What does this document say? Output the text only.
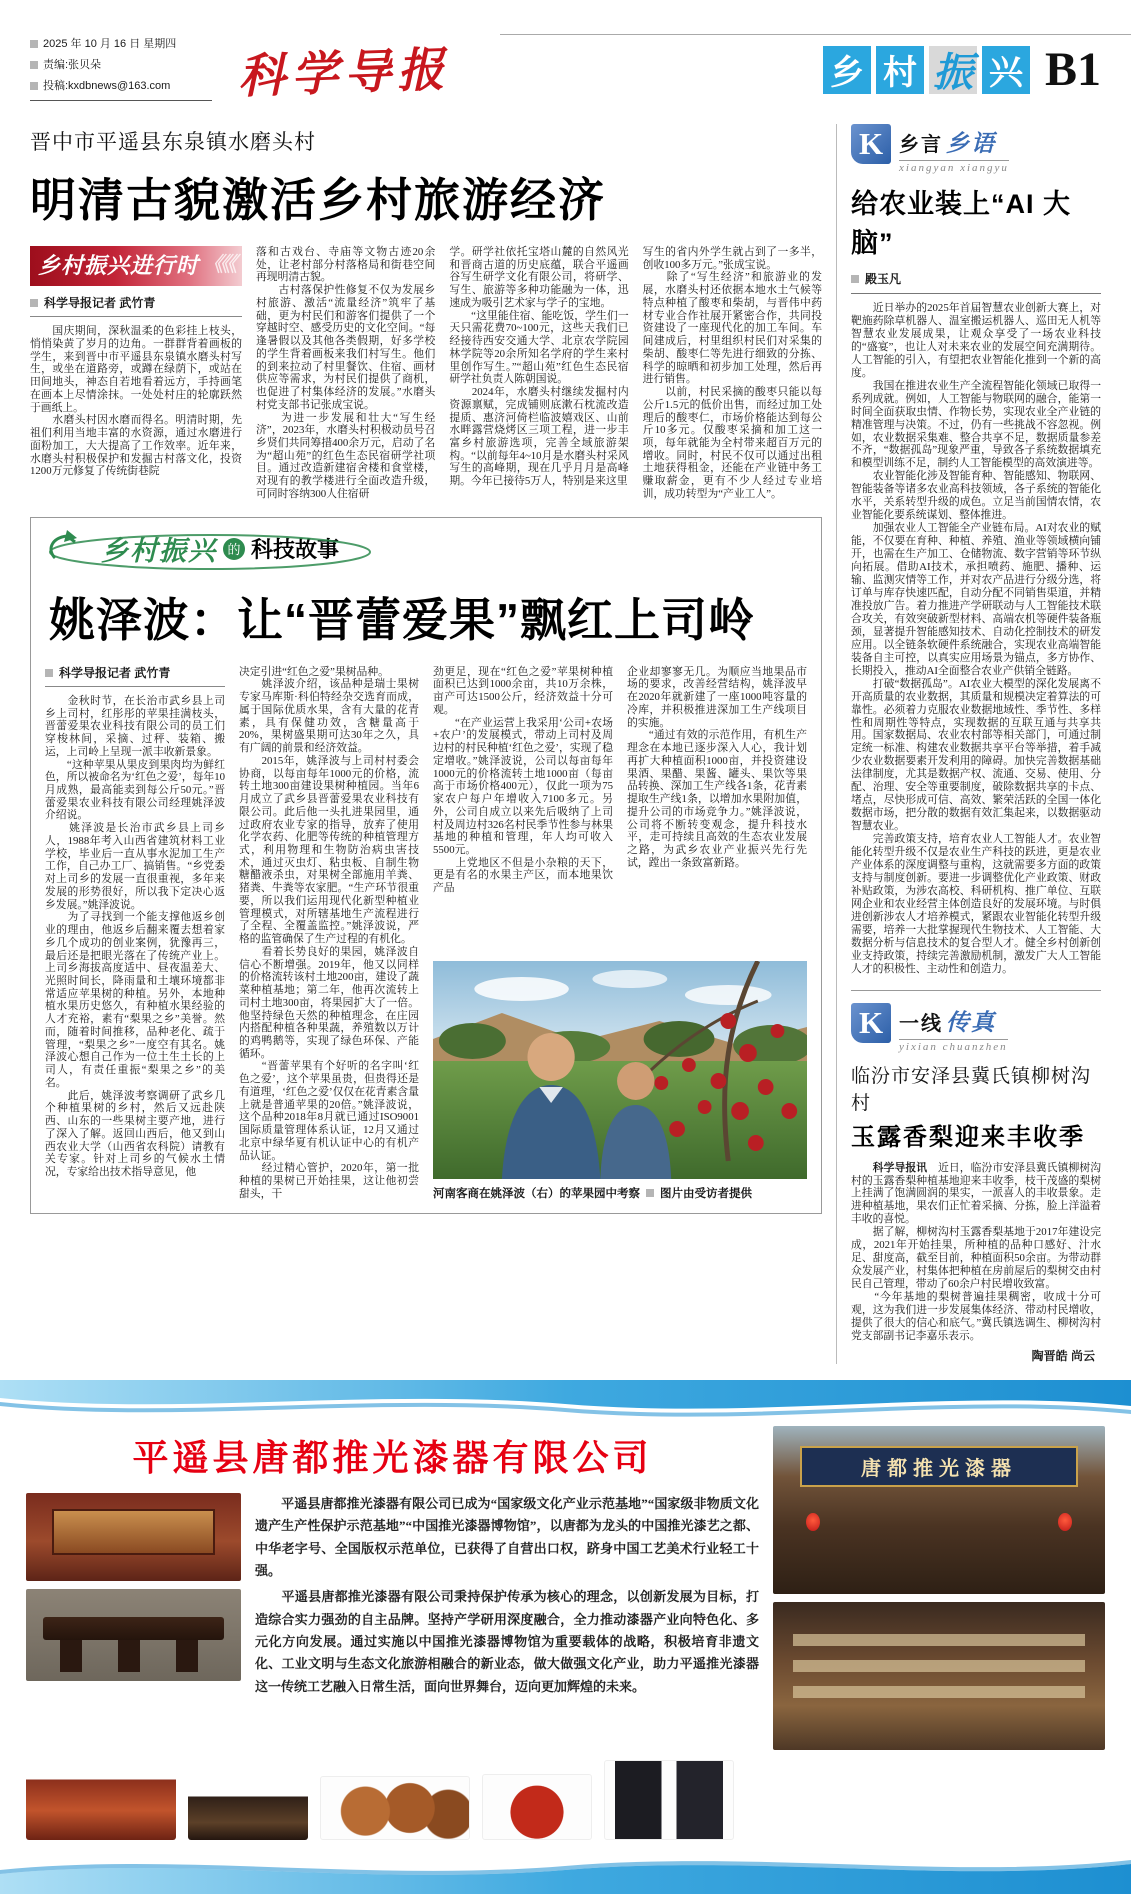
2025 年 10 月 16 日 星期四
责编:张贝朵
投稿:kxdbnews@163.com 科学导报	乡 村 振 兴 B1
晋中市平遥县东泉镇水磨头村
明清古貌激活乡村旅游经济
乡村振兴进行时 《《《
科学导报记者 武竹青

　　国庆期间，深秋温柔的色彩挂上枝头，悄悄染黄了岁月的边角。一群群背着画板的学生，来到晋中市平遥县东泉镇水磨头村写生，或坐在道路旁，或蹲在绿荫下，或站在田间地头，神态自若地看着远方，手持画笔在画本上尽情涂抹。一处处村庄的轮廓跃然于画纸上。

　　水磨头村因水磨而得名。明清时期，先祖们利用当地丰富的水资源，通过水磨进行面粉加工，大大提高了工作效率。近年来，水磨头村积极保护和发掘古村落文化，投资1200万元修复了传统街巷院

落和古戏台、寺庙等文物古迹20余处，让老村部分村落格局和街巷空间再现明清古貌。

　　古村落保护性修复不仅为发展乡村旅游、激活“流量经济”筑牢了基础，更为村民们和游客们提供了一个穿越时空、感受历史的文化空间。“每逢暑假以及其他各类假期，好多学校的学生背着画板来我们村写生。他们的到来拉动了村里餐饮、住宿、画材供应等需求，为村民们提供了商机，也促进了村集体经济的发展。”水磨头村党支部书记张成宝说。

　　为进一步发展和壮大“写生经济”，2023年，水磨头村积极动员号召乡贤们共同筹措400余万元，启动了名为“超山苑”的红色生态民宿研学社项目。通过改造新建宿舍楼和食堂楼，对现有的教学楼进行全面改造升级，可同时容纳300人住宿研

学。研学社依托宝塔山麓的自然风光和晋商古道的历史底蕴，联合平遥画谷写生研学文化有限公司，将研学、写生、旅游等多种功能融为一体，迅速成为吸引艺术家与学子的宝地。

　　“这里能住宿、能吃饭，学生们一天只需花费70~100元，这些天我们已经接待西安交通大学、北京农学院园林学院等20余所知名学府的学生来村里创作写生。”“超山苑”红色生态民宿研学社负责人陈朝国说。

　　2024年，水磨头村继续发掘村内资源禀赋，完成铺则底漱石枕流改造提质、惠济河倚栏临波嬉戏区、山前水畔露营烧烤区三项工程，进一步丰富乡村旅游选项，完善全域旅游架构。“以前每年4~10月是水磨头村采风写生的高峰期，现在几乎月月是高峰期。今年已接待5万人，特别是来这里

写生的省内外学生就占到了一多半，创收100多万元。”张成宝说。

　　除了“写生经济”和旅游业的发展，水磨头村还依据本地水土气候等特点种植了酸枣和柴胡，与晋伟中药材专业合作社展开紧密合作，共同投资建设了一座现代化的加工车间。车间建成后，村里组织村民们对采集的柴胡、酸枣仁等先进行细致的分拣、科学的晾晒和初步加工处理，然后再进行销售。

　　以前，村民采摘的酸枣只能以每公斤1.5元的低价出售，而经过加工处理后的酸枣仁，市场价格能达到每公斤10多元。仅酸枣采摘和加工这一项，每年就能为全村带来超百万元的增收。同时，村民不仅可以通过出租土地获得租金，还能在产业链中务工赚取薪金，更有不少人经过专业培训，成功转型为“产业工人”。

乡村振兴 的 科技故事
姚泽波：让“晋蕾爱果”飘红上司岭
科学导报记者 武竹青

　　金秋时节，在长治市武乡县上司乡上司村，红彤彤的苹果挂满枝头，晋蕾爱果农业科技有限公司的员工们穿梭林间，采摘、过秤、装箱、搬运，上司岭上呈现一派丰收新景象。

　　“这种苹果从果皮到果肉均为鲜红色，所以被命名为‘红色之爱’，每年10月成熟，最高能卖到每公斤50元。”晋蕾爱果农业科技有限公司经理姚泽波介绍说。

　　姚泽波是长治市武乡县上司乡人，1988年考入山西省建筑材料工业学校，毕业后一直从事水泥加工生产工作，自己办工厂、搞销售。“乡党委对上司乡的发展一直很重视，多年来发展的形势很好，所以我下定决心返乡发展。”姚泽波说。

　　为了寻找到一个能支撑他返乡创业的理由，他返乡后翻来覆去想着家乡几个成功的创业案例，犹豫再三，最后还是把眼光落在了传统产业上。上司乡海拔高度适中、昼夜温差大、光照时间长，降雨量和土壤环境都非常适应苹果树的种植。另外，本地种植水果历史悠久，有种植水果经验的人才充裕，素有“梨果之乡”美誉。然而，随着时间推移，品种老化、疏于管理，“梨果之乡”一度空有其名。姚泽波心想自己作为一位土生土长的上司人，有责任重振“梨果之乡”的美名。

　　此后，姚泽波考察调研了武乡几个种植果树的乡村，然后又远赴陕西、山东的一些果树主要产地，进行了深入了解。返回山西后，他又到山西农业大学（山西省农科院）请教有关专家。针对上司乡的气候水土情况，专家给出技术指导意见，他

决定引进“红色之爱”果树品种。

　　姚泽波介绍，该品种是瑞士果树专家马库斯·科伯特经杂交选育而成，属于国际优质水果，含有大量的花青素，具有保健功效，含糖量高于20%，果树盛果期可达30年之久，具有广阔的前景和经济效益。

　　2015年，姚泽波与上司村村委会协商，以每亩每年1000元的价格，流转土地300亩建设果树种植园。当年6月成立了武乡县晋蕾爱果农业科技有限公司。此后他一头扎进果园里，通过政府农业专家的指导，放弃了使用化学农药、化肥等传统的种植管理方式，利用物理和生物防治病虫害技术，通过灭虫灯、粘虫板、自制生物糖醋液杀虫，对果树全部施用羊粪、猪粪、牛粪等农家肥。“生产环节很重要，所以我们运用现代化新型种植业管理模式，对所辖基地生产流程进行了全程、全覆盖监控。”姚泽波说，严格的监管确保了生产过程的有机化。

　　看着长势良好的果园，姚泽波自信心不断增强。2019年，他又以同样的价格流转该村土地200亩，建设了蔬菜种植基地；第二年，他再次流转上司村土地300亩，将果园扩大了一倍。他坚持绿色天然的种植理念，在庄园内搭配种植各种果蔬，养殖数以万计的鸡鸭鹅等，实现了绿色环保、产能循环。

　　“晋蕾苹果有个好听的名字叫‘红色之爱’，这个苹果虽贵，但贵得还是有道理，‘红色之爱’仅仅在花青素含量上就是普通苹果的20倍。”姚泽波说，这个品种2018年8月就已通过ISO9001国际质量管理体系认证，12月又通过北京中绿华夏有机认证中心的有机产品认证。

　　经过精心管护，2020年，第一批种植的果树已开始挂果，这让他初尝甜头，干

劲更足，现在“红色之爱”苹果树种植面积已达到1000余亩，共10万余株，亩产可达1500公斤，经济效益十分可观。

　　“在产业运营上我采用‘公司+农场+农户’的发展模式，带动上司村及周边村的村民种植‘红色之爱’，实现了稳定增收。”姚泽波说，公司以每亩每年1000元的价格流转土地1000亩（每亩高于市场价格400元），仅此一项为75家农户每户年增收入7100多元。另外，公司自成立以来先后吸纳了上司村及周边村326名村民季节性参与林果基地的种植和管理，年人均可收入5500元。

　　上党地区不但是小杂粮的天下，更是有名的水果主产区，而本地果饮产品

企业却寥寥无几。为顺应当地果品市场的要求，改善经营结构，姚泽波早在2020年就新建了一座1000吨容量的冷库，并积极推进深加工生产线项目的实施。

　　“通过有效的示范作用，有机生产理念在本地已逐步深入人心，我计划再扩大种植面积1000亩，并投资建设果酒、果醋、果酱、罐头、果饮等果品转换、深加工生产线各1条，花青素提取生产线1条，以增加水果附加值，提升公司的市场竞争力。”姚泽波说，公司将不断转变观念，提升科技水平，走可持续且高效的生态农业发展之路，为武乡农业产业振兴先行先试，蹚出一条致富新路。

河南客商在姚泽波（右）的苹果园中考察 图片由受访者提供
K 乡言 乡语
xiangyan xiangyu
给农业装上“AI 大脑”
殿玉凡

　　近日举办的2025年首届智慧农业创新大赛上，对靶施药除草机器人、温室搬运机器人、巡田无人机等智慧农业发展成果，让观众享受了一场农业科技的“盛宴”，也让人对未来农业的发展空间充满期待。人工智能的引入，有望把农业智能化推到一个新的高度。

　　我国在推进农业生产全流程智能化领域已取得一系列成就。例如，人工智能与物联网的融合，能第一时间全面获取虫情、作物长势，实现农业全产业链的精准管理与决策。不过，仍有一些挑战不容忽视。例如，农业数据采集难、整合共享不足，数据质量参差不齐，“数据孤岛”现象严重，导致各子系统数据填充和模型训练不足，制约人工智能模型的高效演进等。

　　农业智能化涉及智能育种、智能感知、物联网、智能装备等诸多农业高科技领域，各子系统的智能化水平，关系转型升级的成色。立足当前国情农情，农业智能化要系统谋划、整体推进。

　　加强农业人工智能全产业链布局。AI对农业的赋能，不仅要在育种、种植、养殖、渔业等领域横向铺开，也需在生产加工、仓储物流、数字营销等环节纵向拓展。借助AI技术，承担喷药、施肥、播种、运输、监测灾情等工作，并对农产品进行分级分选，将订单与库存快速匹配，自动分配不同销售渠道，并精准投放广告。着力推进产学研联动与人工智能技术联合攻关，有效突破新型材料、高端农机等硬件装备瓶颈，显著提升智能感知技术、自动化控制技术的研发应用。以全链条软硬件系统融合，实现农业高端智能装备自主可控，以真实应用场景为锚点，多方协作、长期投入，推动AI全面整合农业产供销全链路。

　　打破“数据孤岛”。AI农业大模型的深化发展离不开高质量的农业数据，其质量和规模决定着算法的可靠性。必须着力克服农业数据地域性、季节性、多样性和周期性等特点，实现数据的互联互通与共享共用。国家数据局、农业农村部等相关部门，可通过制定统一标准、构建农业数据共享平台等举措，着手减少农业数据要素开发利用的障碍。加快完善数据基础法律制度，尤其是数据产权、流通、交易、使用、分配、治理、安全等重要制度，破除数据共享的卡点、堵点，尽快形成可信、高效、繁荣活跃的全国一体化数据市场，把分散的数据有效汇集起来，以数据驱动智慧农业。

　　完善政策支持，培育农业人工智能人才。农业智能化转型升级不仅是农业生产科技的跃进，更是农业产业体系的深度调整与重构，这就需要多方面的政策支持与制度创新。要进一步调整优化产业政策、财政补贴政策，为涉农高校、科研机构、推广单位、互联网企业和农业经营主体创造良好的发展环境。与时俱进创新涉农人才培养模式，紧跟农业智能化转型升级需要，培养一大批掌握现代生物技术、人工智能、大数据分析与信息技术的复合型人才。健全乡村创新创业支持政策，持续完善激励机制，激发广大人工智能人才的积极性、主动性和创造力。

K 一线 传真
yixian chuanzhen
临汾市安泽县冀氏镇柳树沟村
玉露香梨迎来丰收季

　　科学导报讯　近日，临汾市安泽县冀氏镇柳树沟村的玉露香梨种植基地迎来丰收季，枝干茂盛的梨树上挂满了饱满圆润的果实，一派喜人的丰收景象。走进种植基地，果农们正忙着采摘、分拣，脸上洋溢着丰收的喜悦。

　　据了解，柳树沟村玉露香梨基地于2017年建设完成，2021年开始挂果，所种植的品种口感好、汁水足、甜度高，截至目前，种植面积50余亩。为带动群众发展产业，村集体把种植在房前屋后的梨树交由村民自己管理，带动了60余户村民增收致富。

　　“今年基地的梨树普遍挂果稠密，收成十分可观，这为我们进一步发展集体经济、带动村民增收，提供了很大的信心和底气。”冀氏镇选调生、柳树沟村党支部副书记李嘉乐表示。

陶晋皓 尚云
平遥县唐都推光漆器有限公司

　　平遥县唐都推光漆器有限公司已成为“国家级文化产业示范基地”“国家级非物质文化遗产生产性保护示范基地”“中国推光漆器博物馆”，以唐都为龙头的中国推光漆艺之都、中华老字号、全国版权示范单位，已获得了自营出口权，跻身中国工艺美术行业轻工十强。

　　平遥县唐都推光漆器有限公司秉持保护传承为核心的理念，以创新发展为目标，打造综合实力强劲的自主品牌。坚持产学研用深度融合，全力推动漆器产业向特色化、多元化方向发展。通过实施以中国推光漆器博物馆为重要载体的战略，积极培育非遗文化、工业文明与生态文化旅游相融合的新业态，做大做强文化产业，助力平遥推光漆器这一传统工艺融入日常生活，面向世界舞台，迈向更加辉煌的未来。

唐都推光漆器
